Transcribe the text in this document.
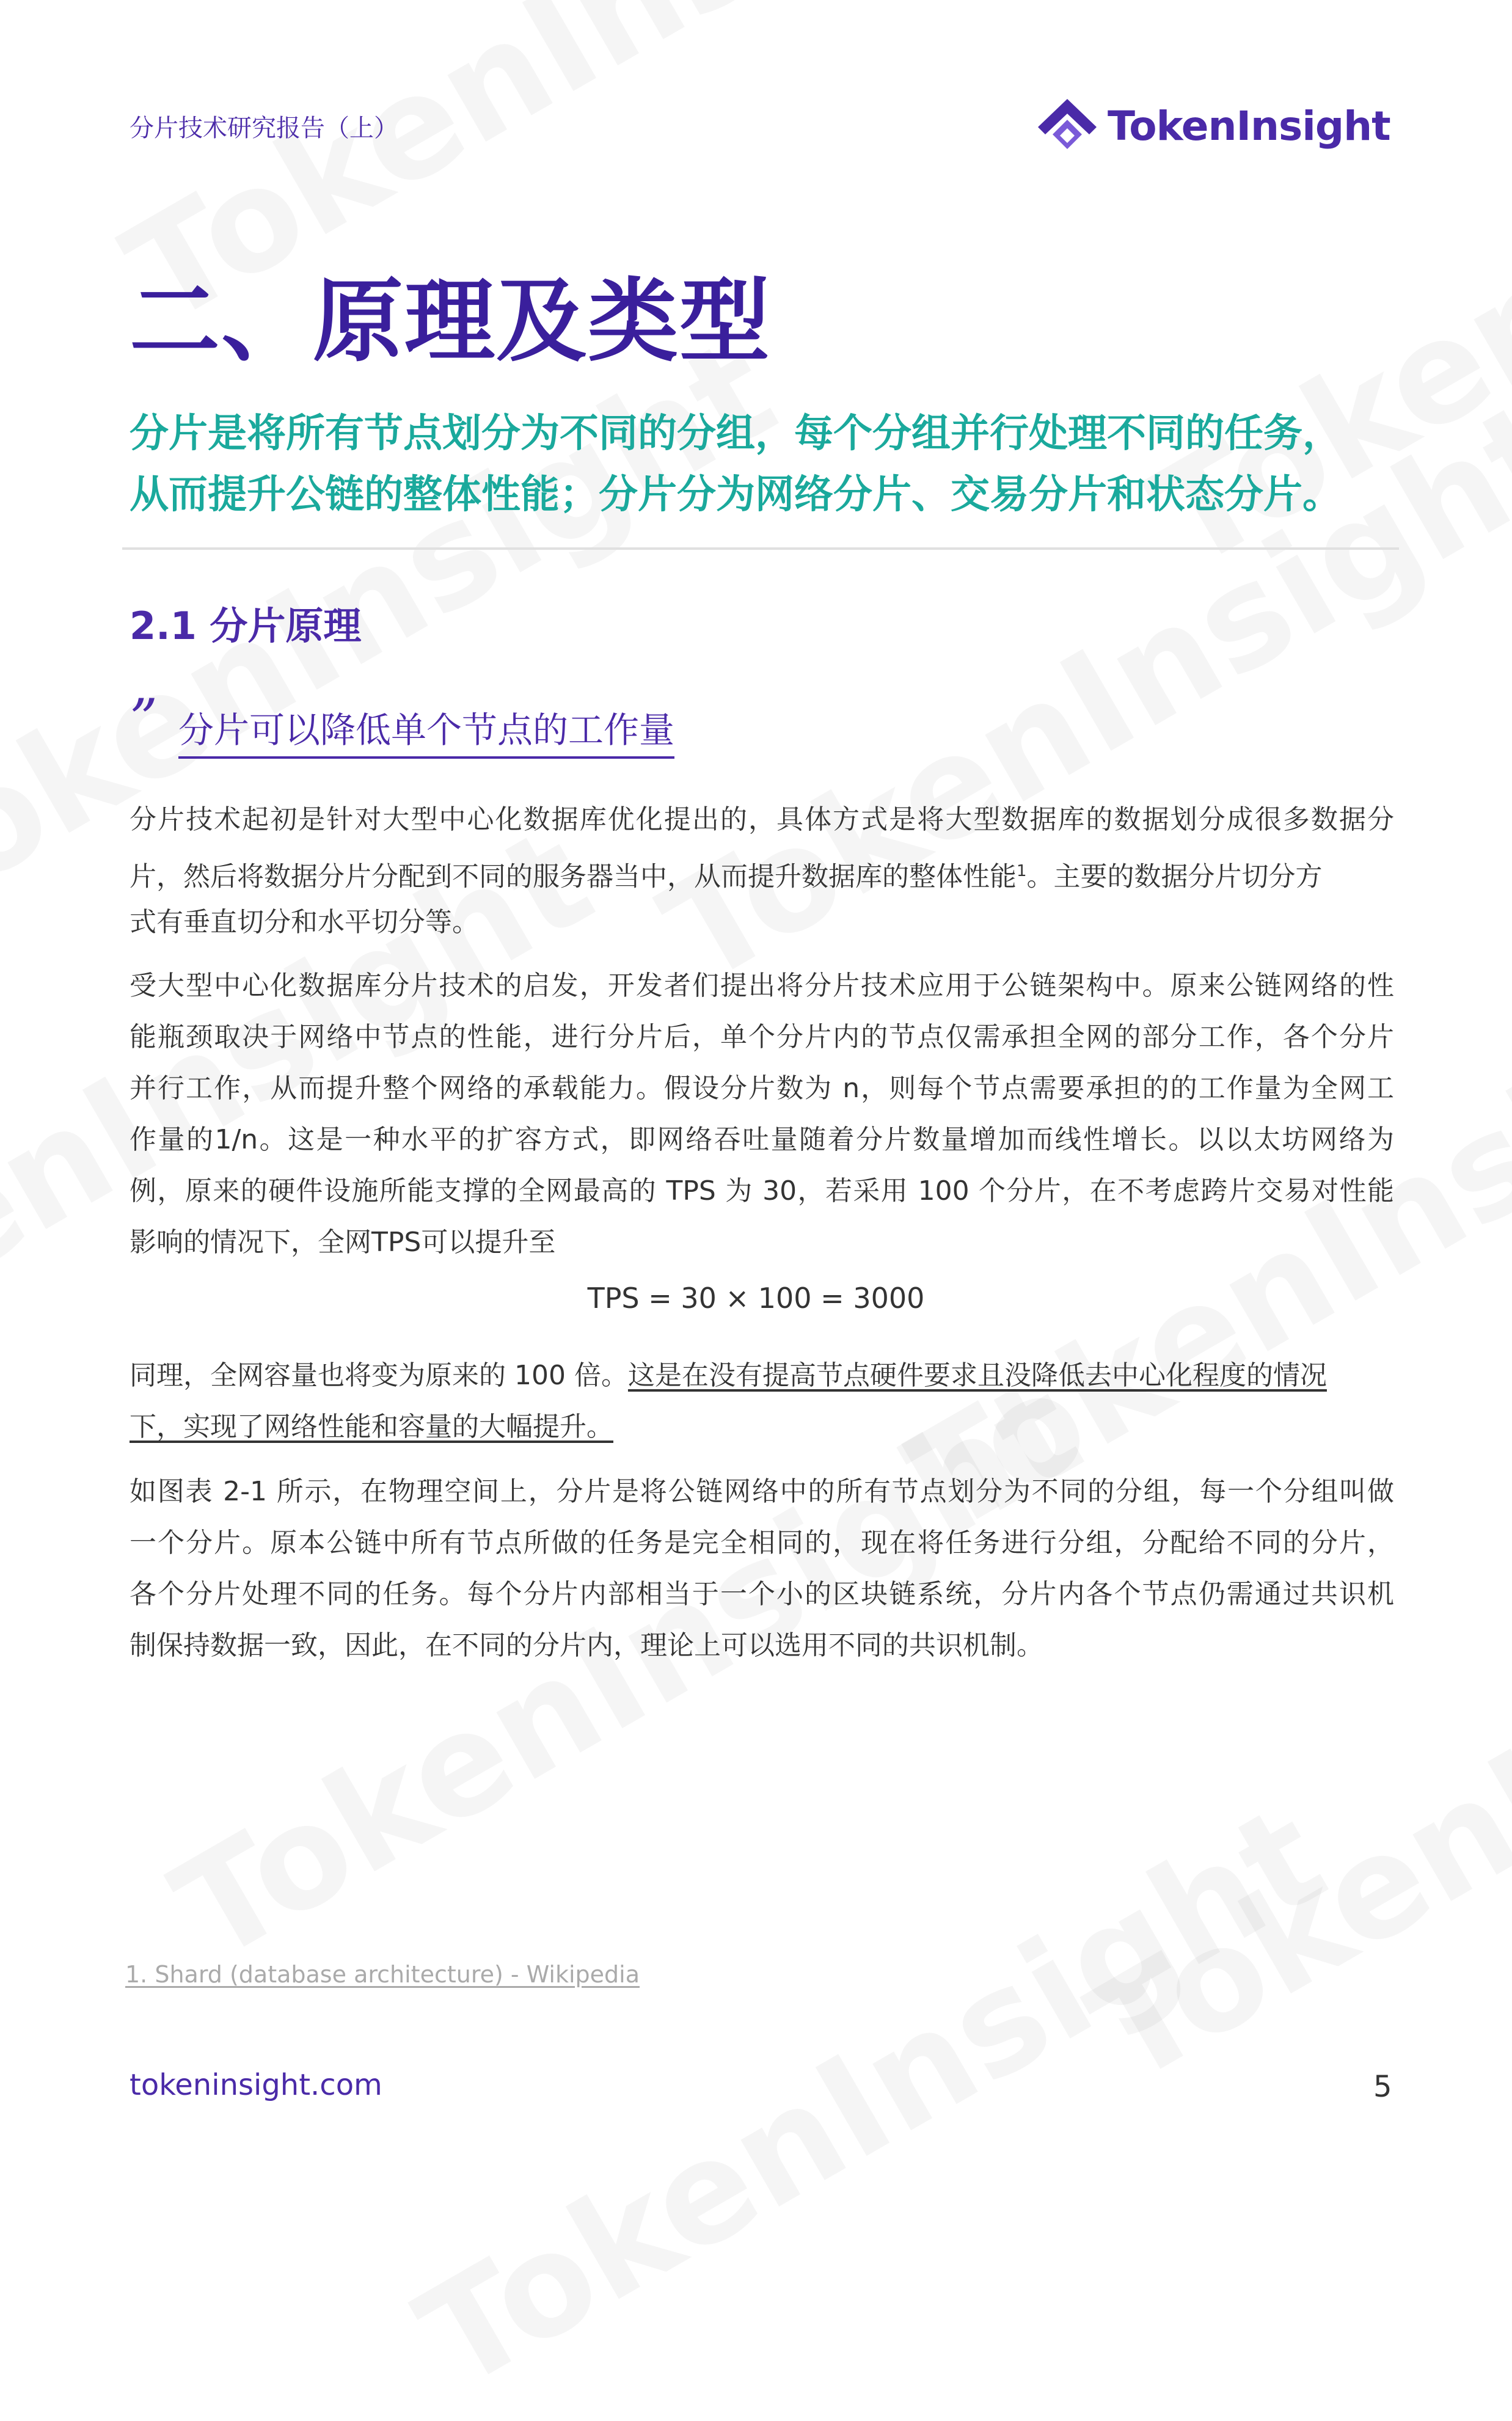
分片技术研究报告（上）	TokenInsight
二、原理及类型
分片是将所有节点划分为不同的分组，每个分组并行处理不同的任务，
从而提升公链的整体性能；分片分为网络分片、交易分片和状态分片。
2.1 分片原理
” 分片可以降低单个节点的工作量
分片技术起初是针对大型中心化数据库优化提出的，具体方式是将大型数据库的数据划分成很多数据分
片，然后将数据分片分配到不同的服务器当中，从而提升数据库的整体性能$^1$。主要的数据分片切分方
式有垂直切分和水平切分等。
受大型中心化数据库分片技术的启发，开发者们提出将分片技术应用于公链架构中。原来公链网络的性
能瓶颈取决于网络中节点的性能，进行分片后，单个分片内的节点仅需承担全网的部分工作，各个分片
并行工作，从而提升整个网络的承载能力。假设分片数为 n，则每个节点需要承担的的工作量为全网工
作量的1/n。这是一种水平的扩容方式，即网络吞吐量随着分片数量增加而线性增长。以以太坊网络为
例，原来的硬件设施所能支撑的全网最高的 TPS 为 30，若采用 100 个分片，在不考虑跨片交易对性能
影响的情况下，全网TPS可以提升至
TPS = 30 × 100 = 3000
同理，全网容量也将变为原来的 100 倍。这是在没有提高节点硬件要求且没降低去中心化程度的情况
下，实现了网络性能和容量的大幅提升。
如图表 2-1 所示，在物理空间上，分片是将公链网络中的所有节点划分为不同的分组，每一个分组叫做
一个分片。原本公链中所有节点所做的任务是完全相同的，现在将任务进行分组，分配给不同的分片，
各个分片处理不同的任务。每个分片内部相当于一个小的区块链系统，分片内各个节点仍需通过共识机
制保持数据一致，因此，在不同的分片内，理论上可以选用不同的共识机制。
1. Shard (database architecture) - Wikipedia
tokeninsight.com	5
